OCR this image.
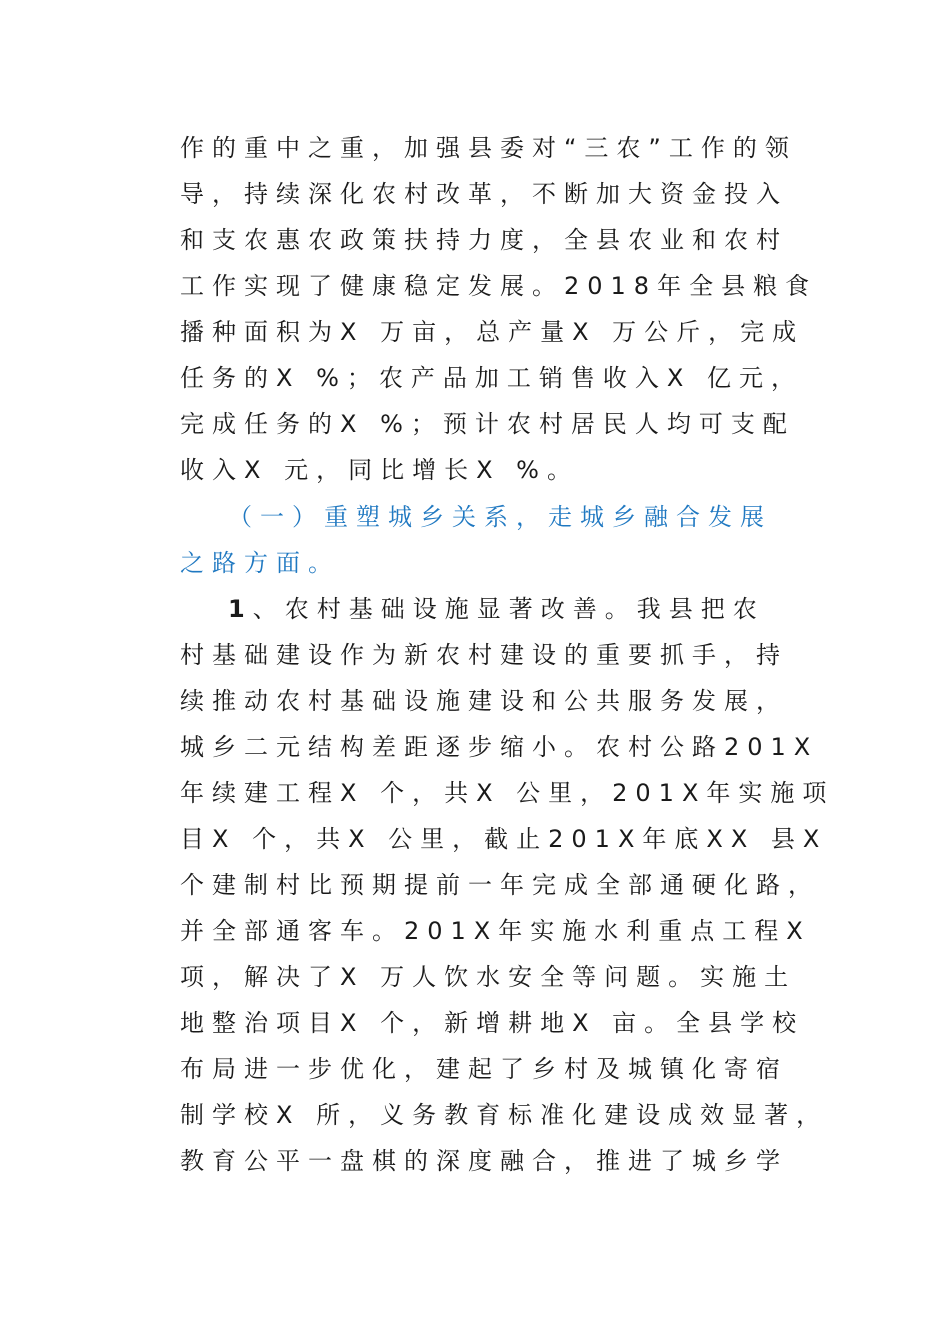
作的重中之重，加强县委对“三农”工作的领
导，持续深化农村改革，不断加大资金投入
和支农惠农政策扶持力度，全县农业和农村
工作实现了健康稳定发展。2018年全县粮食
播种面积为X 万亩，总产量X 万公斤，完成
任务的X %；农产品加工销售收入X 亿元，
完成任务的X %；预计农村居民人均可支配
收入X 元，同比增长X %。
（一）重塑城乡关系，走城乡融合发展
之路方面。
1、农村基础设施显著改善。我县把农
村基础建设作为新农村建设的重要抓手，持
续推动农村基础设施建设和公共服务发展，
城乡二元结构差距逐步缩小。农村公路201X
年续建工程X 个，共X 公里，201X年实施项
目X 个，共X 公里，截止201X年底XX 县X
个建制村比预期提前一年完成全部通硬化路，
并全部通客车。201X年实施水利重点工程X
项，解决了X 万人饮水安全等问题。实施土
地整治项目X 个，新增耕地X 亩。全县学校
布局进一步优化，建起了乡村及城镇化寄宿
制学校X 所，义务教育标准化建设成效显著，
教育公平一盘棋的深度融合，推进了城乡学
